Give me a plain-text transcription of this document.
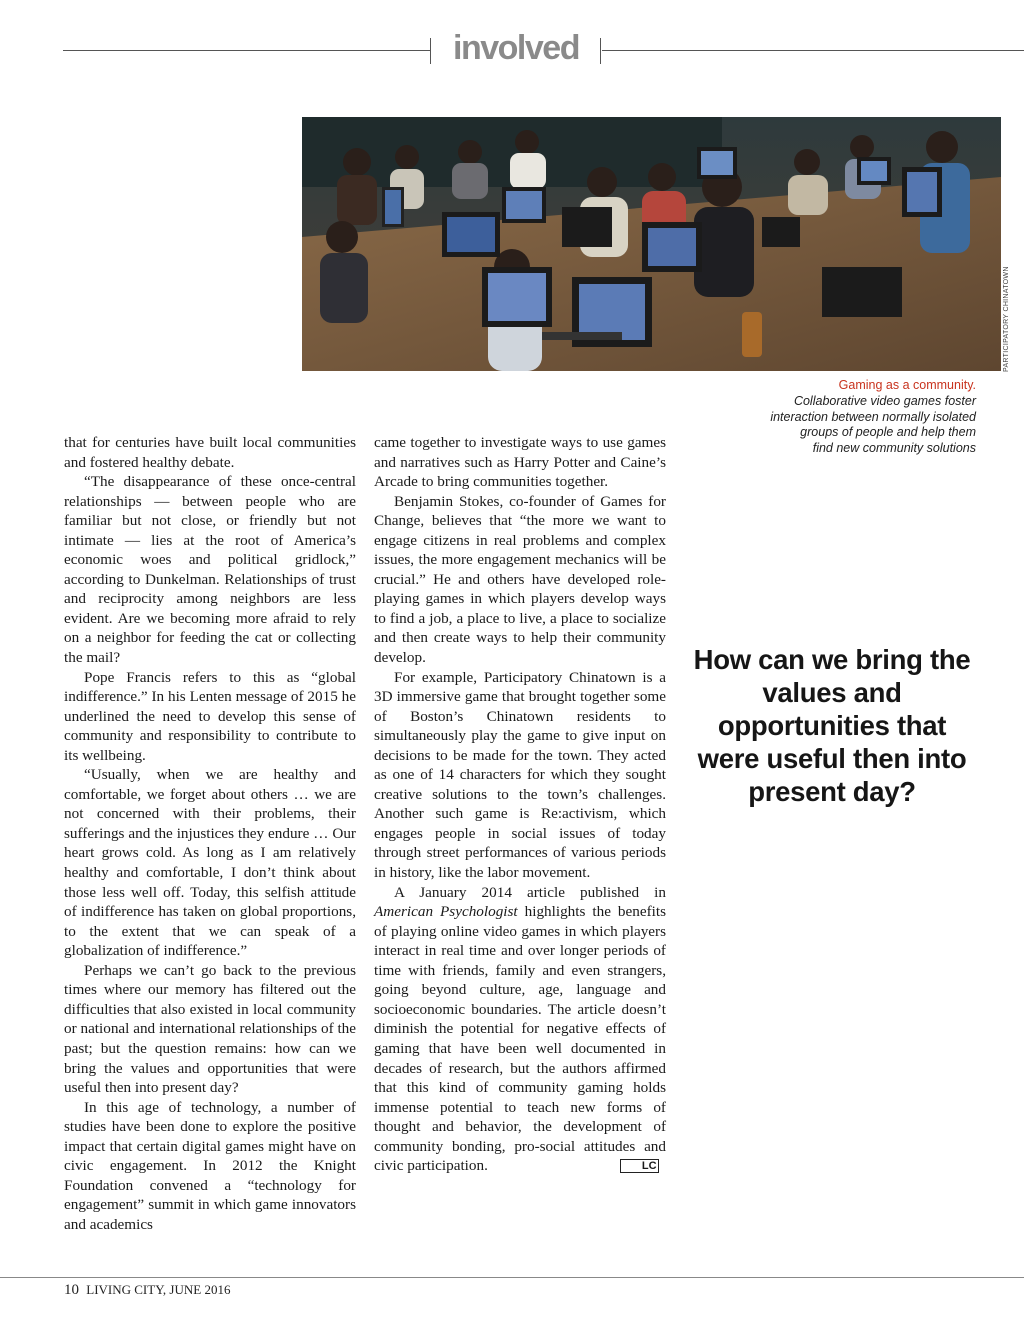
involved
PARTICIPATORY CHINATOWN
Gaming as a community.
Collaborative video games foster
interaction between normally isolated
groups of people and help them
find new community solutions

that for centuries have built local communities and fostered healthy debate.

“The disappearance of these once-central relationships — between people who are familiar but not close, or friendly but not intimate — lies at the root of America’s economic woes and political gridlock,” according to Dunkelman. Relationships of trust and reciprocity among neighbors are less evident. Are we becoming more afraid to rely on a neighbor for feeding the cat or collecting the mail?

Pope Francis refers to this as “global indifference.” In his Lenten message of 2015 he underlined the need to develop this sense of community and responsibility to contribute to its wellbeing.

“Usually, when we are healthy and comfortable, we forget about others … we are not concerned with their problems, their sufferings and the injustices they endure … Our heart grows cold. As long as I am relatively healthy and comfortable, I don’t think about those less well off. Today, this selfish attitude of indifference has taken on global proportions, to the extent that we can speak of a globalization of indifference.”

Perhaps we can’t go back to the previous times where our memory has filtered out the difficulties that also existed in local community or national and international relationships of the past; but the question remains: how can we bring the values and opportunities that were useful then into present day?

In this age of technology, a number of studies have been done to explore the positive impact that certain digital games might have on civic engagement. In 2012 the Knight Foundation convened a “technology for engagement” summit in which game innovators and academics

came together to investigate ways to use games and narratives such as Harry Potter and Caine’s Arcade to bring communities together.

Benjamin Stokes, co-founder of Games for Change, believes that “the more we want to engage citizens in real problems and complex issues, the more engagement mechanics will be crucial.” He and others have developed role-playing games in which players develop ways to find a job, a place to live, a place to socialize and then create ways to help their community develop.

For example, Participatory Chinatown is a 3D immersive game that brought together some of Boston’s Chinatown residents to simultaneously play the game to give input on decisions to be made for the town. They acted as one of 14 characters for which they sought creative solutions to the town’s challenges. Another such game is Re:activism, which engages people in social issues of today through street performances of various periods in history, like the labor movement.

A January 2014 article published in American Psychologist highlights the benefits of playing online video games in which players interact in real time and over longer periods of time with friends, family and even strangers, going beyond culture, age, language and socioeconomic boundaries. The article doesn’t diminish the potential for negative effects of gaming that have been well documented in decades of research, but the authors affirmed that this kind of community gaming holds immense potential to teach new forms of thought and behavior, the development of community bonding, pro-social attitudes and civic participation.	LC

How can we bring the values and opportunities that were useful then into present day?
10 LIVING CITY, JUNE 2016
